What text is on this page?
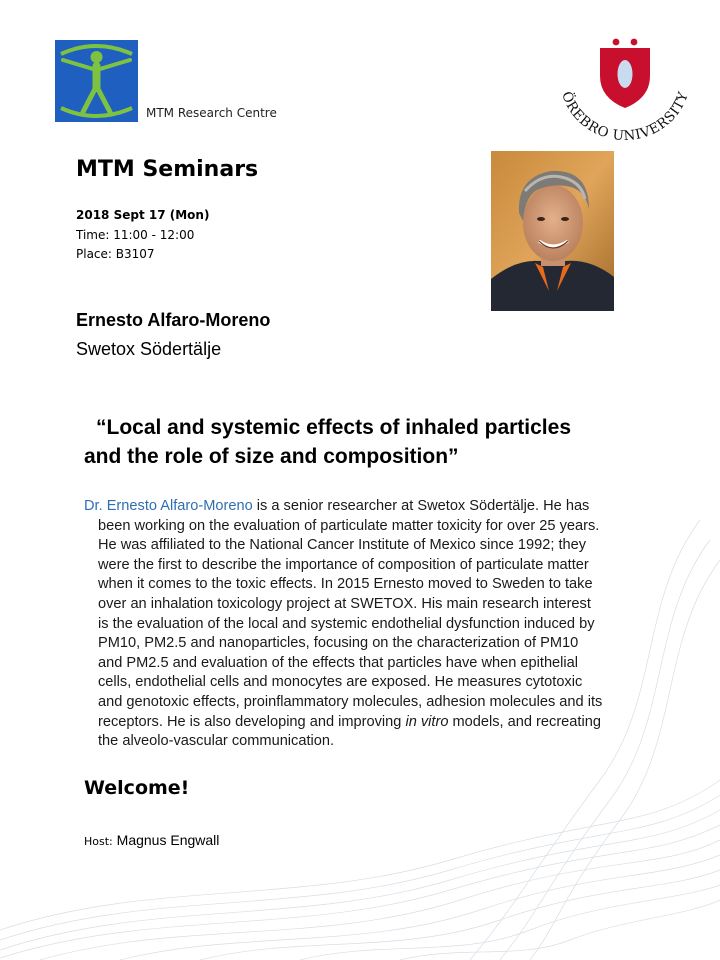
MTM Research Centre
ÖREBRO UNIVERSITY
MTM Seminars
2018 Sept 17 (Mon)
Time: 11:00 - 12:00
Place: B3107
Ernesto Alfaro-Moreno
Swetox Södertälje
“Local and systemic effects of inhaled particles
and the role of size and composition”
Dr. Ernesto Alfaro-Moreno is a senior researcher at Swetox Södertälje. He has
been working on the evaluation of particulate matter toxicity for over 25 years.
He was affiliated to the National Cancer Institute of Mexico since 1992; they
were the first to describe the importance of composition of particulate matter
when it comes to the toxic effects. In 2015 Ernesto moved to Sweden to take
over an inhalation toxicology project at SWETOX. His main research interest
is the evaluation of the local and systemic endothelial dysfunction induced by
PM10, PM2.5 and nanoparticles, focusing on the characterization of PM10
and PM2.5 and evaluation of the effects that particles have when epithelial
cells, endothelial cells and monocytes are exposed. He measures cytotoxic
and genotoxic effects, proinflammatory molecules, adhesion molecules and its
receptors. He is also developing and improving in vitro models, and recreating
the alveolo-vascular communication.
Welcome!
Host: Magnus Engwall
